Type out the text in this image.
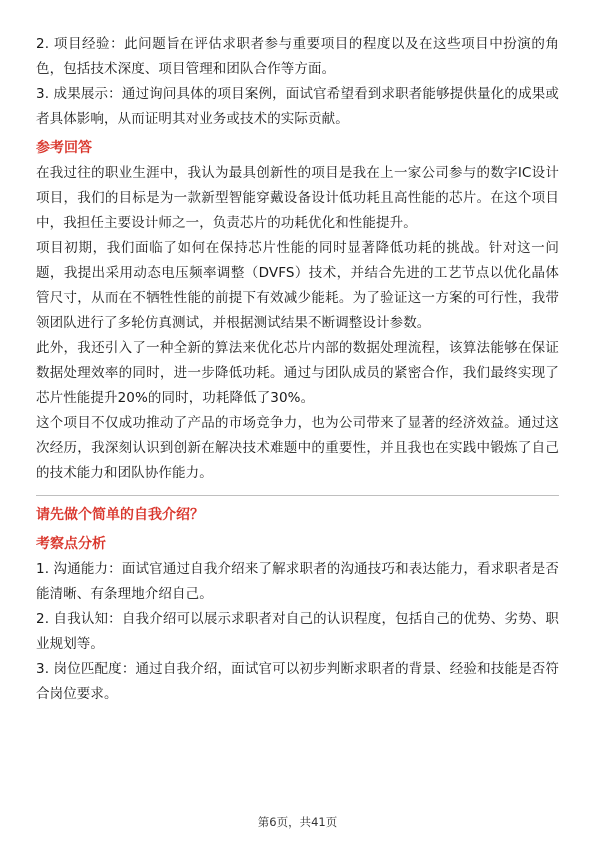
2. 项目经验：此问题旨在评估求职者参与重要项目的程度以及在这些项目中扮演的角色，包括技术深度、项目管理和团队合作等方面。

3. 成果展示：通过询问具体的项目案例，面试官希望看到求职者能够提供量化的成果或者具体影响，从而证明其对业务或技术的实际贡献。

参考回答

在我过往的职业生涯中，我认为最具创新性的项目是我在上一家公司参与的数字IC设计项目，我们的目标是为一款新型智能穿戴设备设计低功耗且高性能的芯片。在这个项目中，我担任主要设计师之一，负责芯片的功耗优化和性能提升。

项目初期，我们面临了如何在保持芯片性能的同时显著降低功耗的挑战。针对这一问题，我提出采用动态电压频率调整（DVFS）技术，并结合先进的工艺节点以优化晶体管尺寸，从而在不牺牲性能的前提下有效减少能耗。为了验证这一方案的可行性，我带领团队进行了多轮仿真测试，并根据测试结果不断调整设计参数。

此外，我还引入了一种全新的算法来优化芯片内部的数据处理流程，该算法能够在保证数据处理效率的同时，进一步降低功耗。通过与团队成员的紧密合作，我们最终实现了芯片性能提升20%的同时，功耗降低了30%。

这个项目不仅成功推动了产品的市场竞争力，也为公司带来了显著的经济效益。通过这次经历，我深刻认识到创新在解决技术难题中的重要性，并且我也在实践中锻炼了自己的技术能力和团队协作能力。

请先做个简单的自我介绍？

考察点分析

1. 沟通能力：面试官通过自我介绍来了解求职者的沟通技巧和表达能力，看求职者是否能清晰、有条理地介绍自己。

2. 自我认知：自我介绍可以展示求职者对自己的认识程度，包括自己的优势、劣势、职业规划等。

3. 岗位匹配度：通过自我介绍，面试官可以初步判断求职者的背景、经验和技能是否符合岗位要求。

第6页，共41页
